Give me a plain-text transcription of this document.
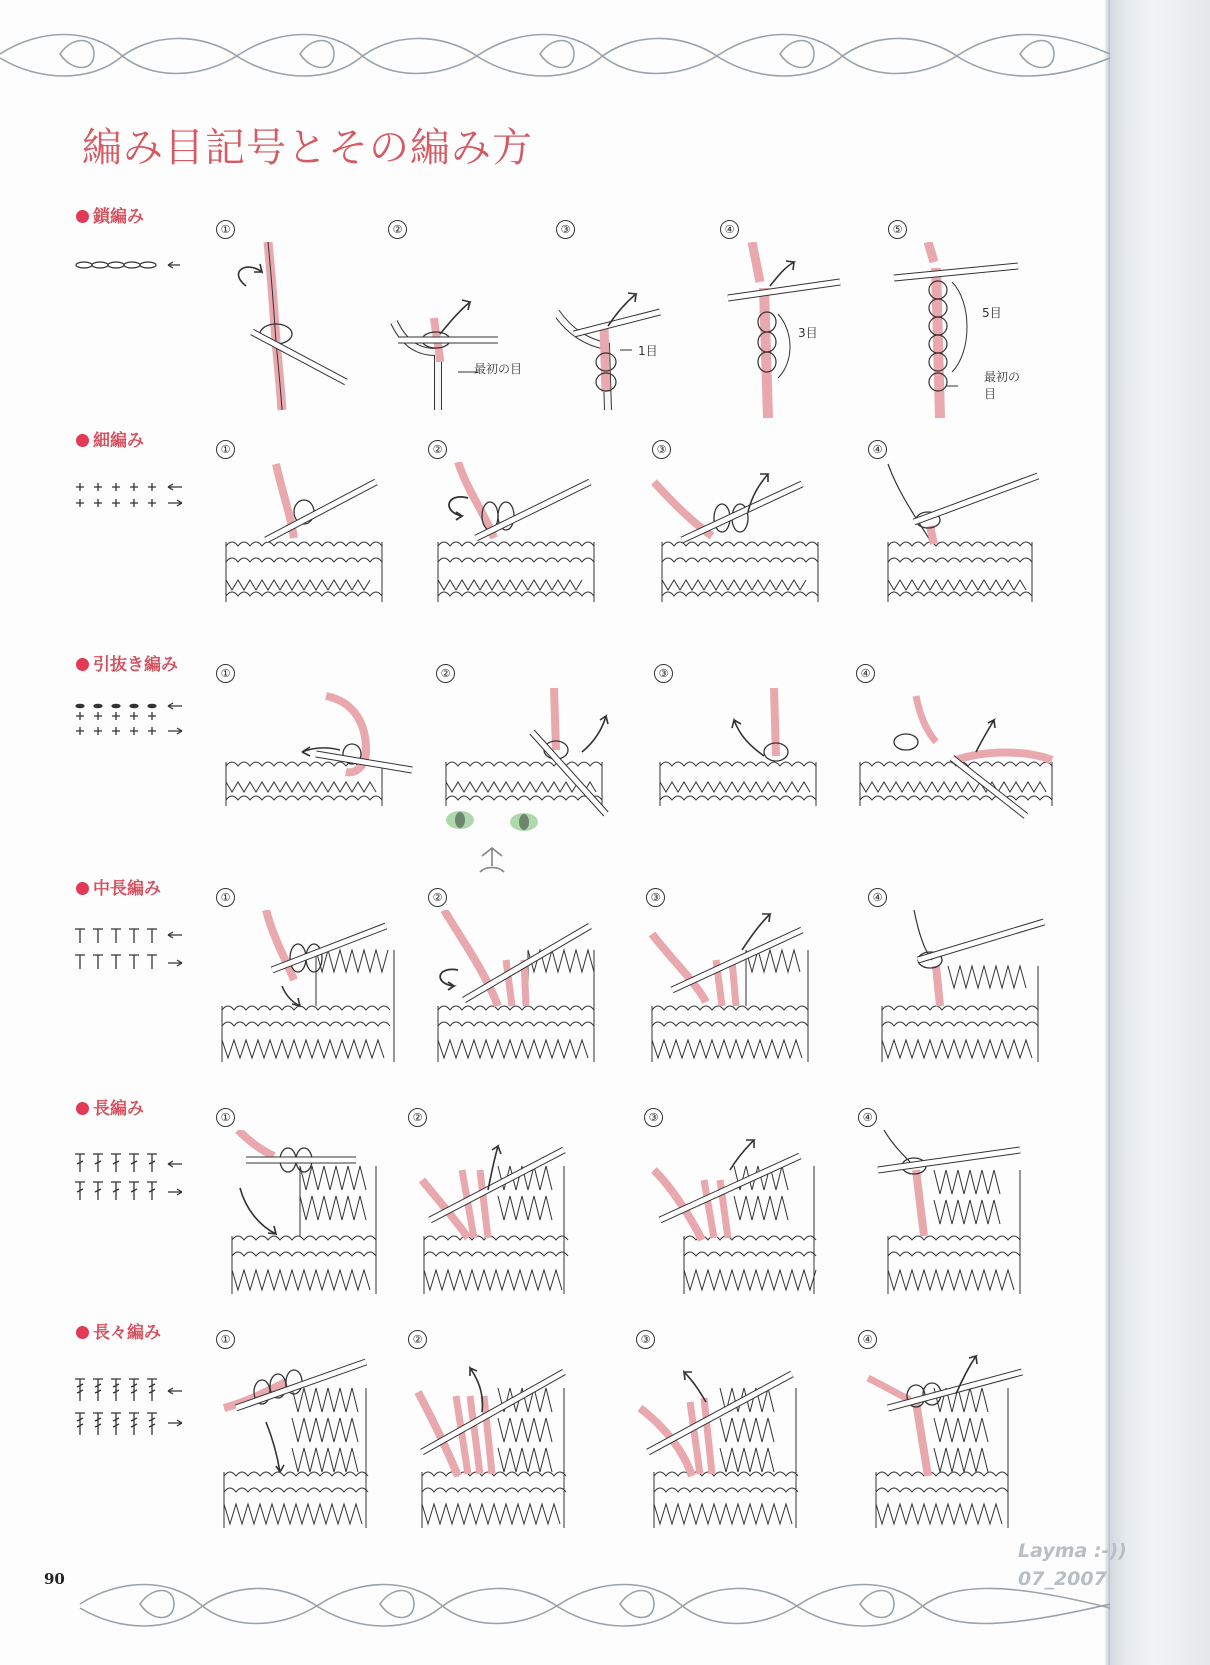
編み目記号とその編み方
鎖編み
細編み
引抜き編み
中長編み
長編み
長々編み
①	②
最初の目
③
1目
④
3目
⑤
5目
最初の目
①	②	③	④
①	②	③	④
①	②	③	④
①	②	③	④
①	②	③	④
90
Layma :-))
07_2007
